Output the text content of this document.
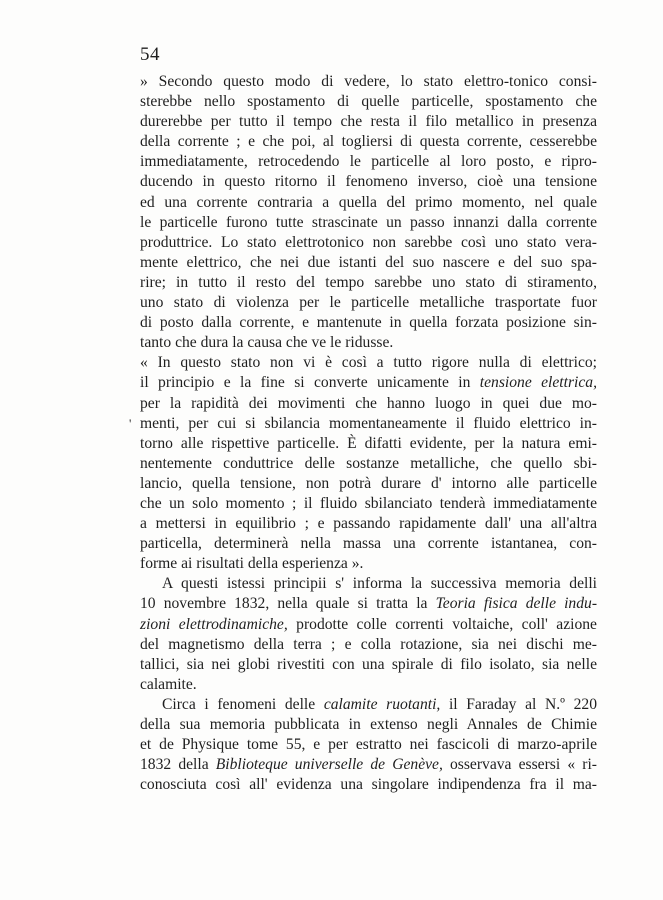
54
'

» Secondo questo modo di vedere, lo stato elettro-tonico consi-
sterebbe nello spostamento di quelle particelle, spostamento che
durerebbe per tutto il tempo che resta il filo metallico in presenza
della corrente ; e che poi, al togliersi di questa corrente, cesserebbe
immediatamente, retrocedendo le particelle al loro posto, e ripro-
ducendo in questo ritorno il fenomeno inverso, cioè una tensione
ed una corrente contraria a quella del primo momento, nel quale
le particelle furono tutte strascinate un passo innanzi dalla corrente
produttrice. Lo stato elettrotonico non sarebbe così uno stato vera-
mente elettrico, che nei due istanti del suo nascere e del suo spa-
rire; in tutto il resto del tempo sarebbe uno stato di stiramento,
uno stato di violenza per le particelle metalliche trasportate fuor
di posto dalla corrente, e mantenute in quella forzata posizione sin-
tanto che dura la causa che ve le ridusse.

« In questo stato non vi è così a tutto rigore nulla di elettrico;
il principio e la fine si converte unicamente in tensione elettrica,
per la rapidità dei movimenti che hanno luogo in quei due mo-
menti, per cui si sbilancia momentaneamente il fluido elettrico in-
torno alle rispettive particelle. È difatti evidente, per la natura emi-
nentemente conduttrice delle sostanze metalliche, che quello sbi-
lancio, quella tensione, non potrà durare d' intorno alle particelle
che un solo momento ; il fluido sbilanciato tenderà immediatamente
a mettersi in equilibrio ; e passando rapidamente dall' una all'altra
particella, determinerà nella massa una corrente istantanea, con-
forme ai risultati della esperienza ».

A questi istessi principii s' informa la successiva memoria delli
10 novembre 1832, nella quale si tratta la Teoria fisica delle indu-
zioni elettrodinamiche, prodotte colle correnti voltaiche, coll' azione
del magnetismo della terra ; e colla rotazione, sia nei dischi me-
tallici, sia nei globi rivestiti con una spirale di filo isolato, sia nelle
calamite.

Circa i fenomeni delle calamite ruotanti, il Faraday al N.º 220
della sua memoria pubblicata in extenso negli Annales de Chimie
et de Physique tome 55, e per estratto nei fascicoli di marzo-aprile
1832 della Biblioteque universelle de Genève, osservava essersi « ri-
conosciuta così all' evidenza una singolare indipendenza fra il ma-
